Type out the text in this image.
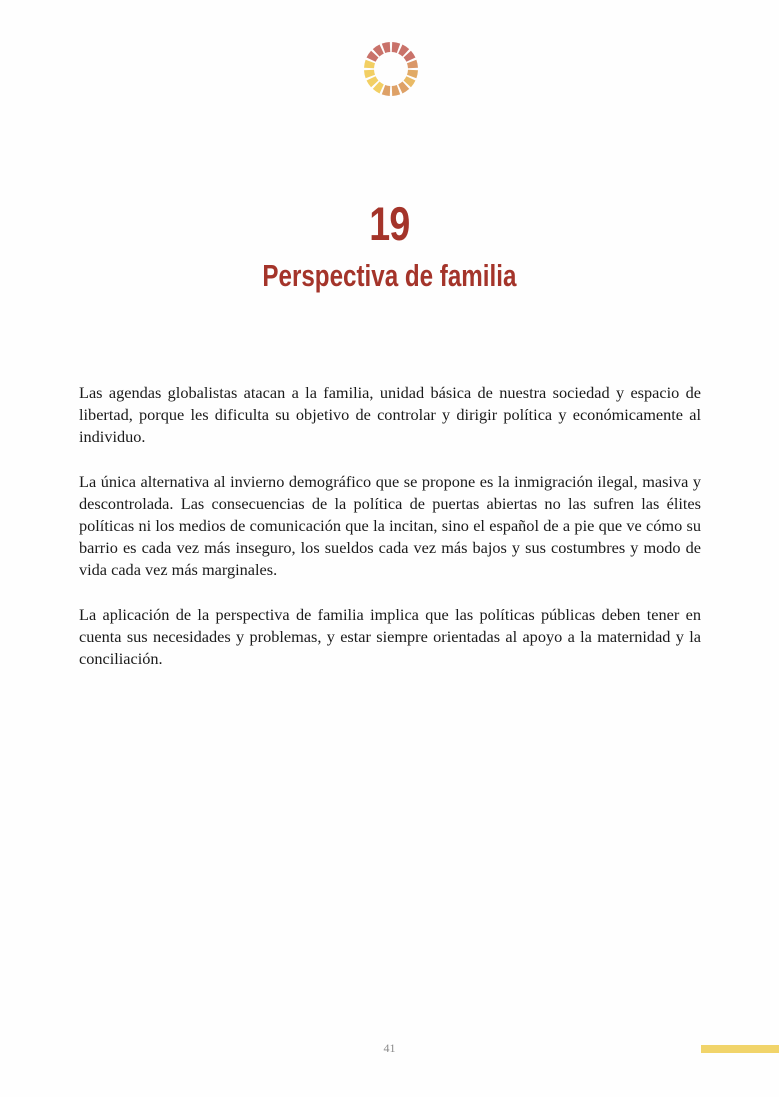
19
Perspectiva de familia

Las agendas globalistas atacan a la familia, unidad básica de nuestra sociedad y espacio de libertad, porque les dificulta su objetivo de controlar y dirigir política y económicamente al individuo.

La única alternativa al invierno demográfico que se propone es la inmigración ilegal, masiva y descontrolada. Las consecuencias de la política de puertas abiertas no las sufren las élites políticas ni los medios de comunicación que la incitan, sino el español de a pie que ve cómo su barrio es cada vez más inseguro, los sueldos cada vez más bajos y sus costumbres y modo de vida cada vez más marginales.

La aplicación de la perspectiva de familia implica que las políticas públicas deben tener en cuenta sus necesidades y problemas, y estar siempre orientadas al apoyo a la maternidad y la conciliación.

41
